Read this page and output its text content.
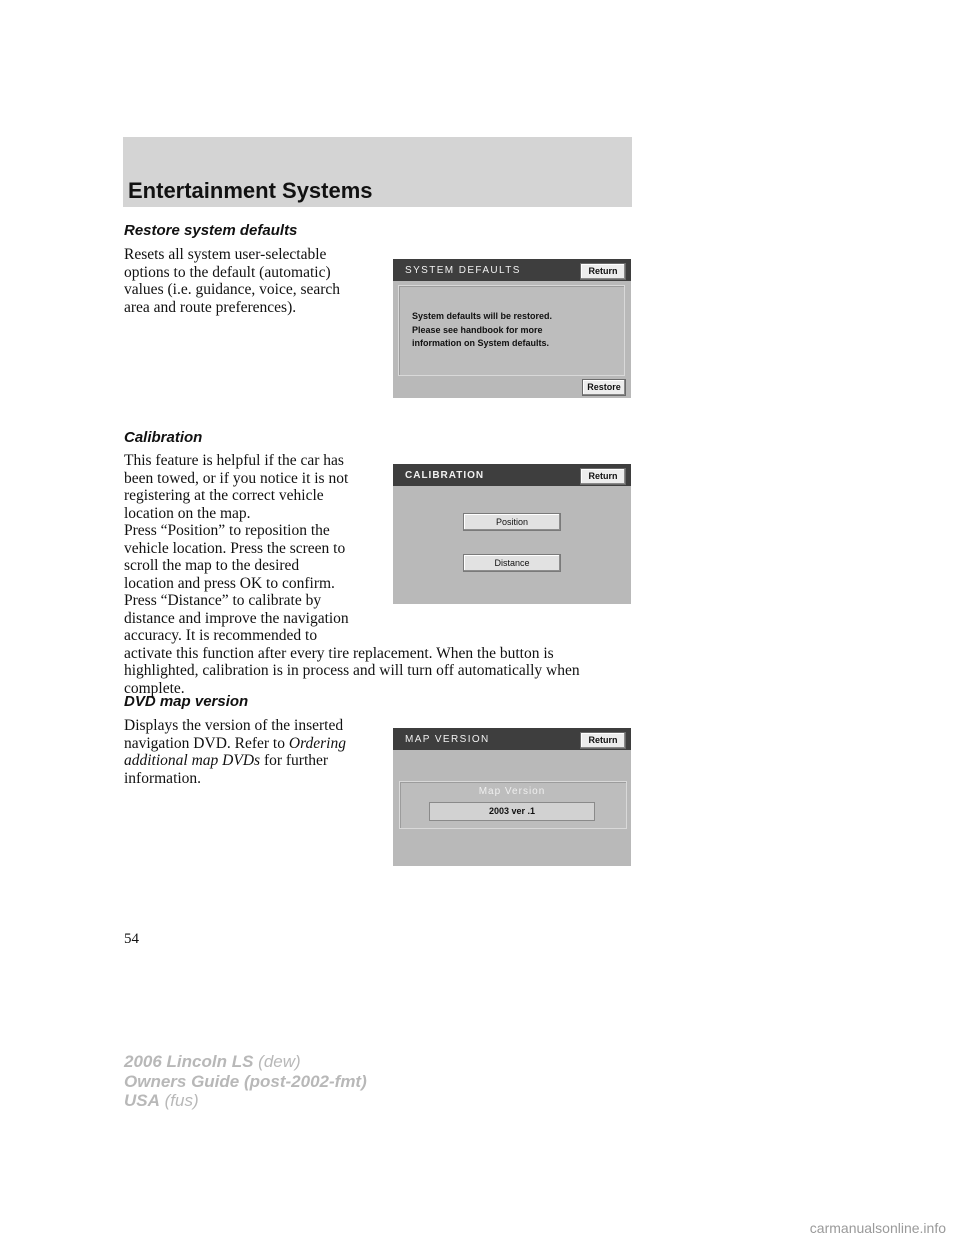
Entertainment Systems
Restore system defaults

Resets all system user-selectable

options to the default (automatic)

values (i.e. guidance, voice, search

area and route preferences).

SYSTEM DEFAULTS	Return
System defaults will be restored.
Please see handbook for more
information on System defaults.
Restore
Calibration

This feature is helpful if the car has

been towed, or if you notice it is not

registering at the correct vehicle

location on the map.

Press “Position” to reposition the

vehicle location. Press the screen to

scroll the map to the desired

location and press OK to confirm.

Press “Distance” to calibrate by

distance and improve the navigation

accuracy. It is recommended to

activate this function after every tire replacement. When the button is

highlighted, calibration is in process and will turn off automatically when

complete.

CALIBRATION	Return
Position
Distance
DVD map version

Displays the version of the inserted

navigation DVD. Refer to Ordering

additional map DVDs for further

information.

MAP VERSION	Return
Map Version
2003 ver .1
54
2006 Lincoln LS (dew)
Owners Guide (post-2002-fmt)
USA (fus)
carmanualsonline.info
